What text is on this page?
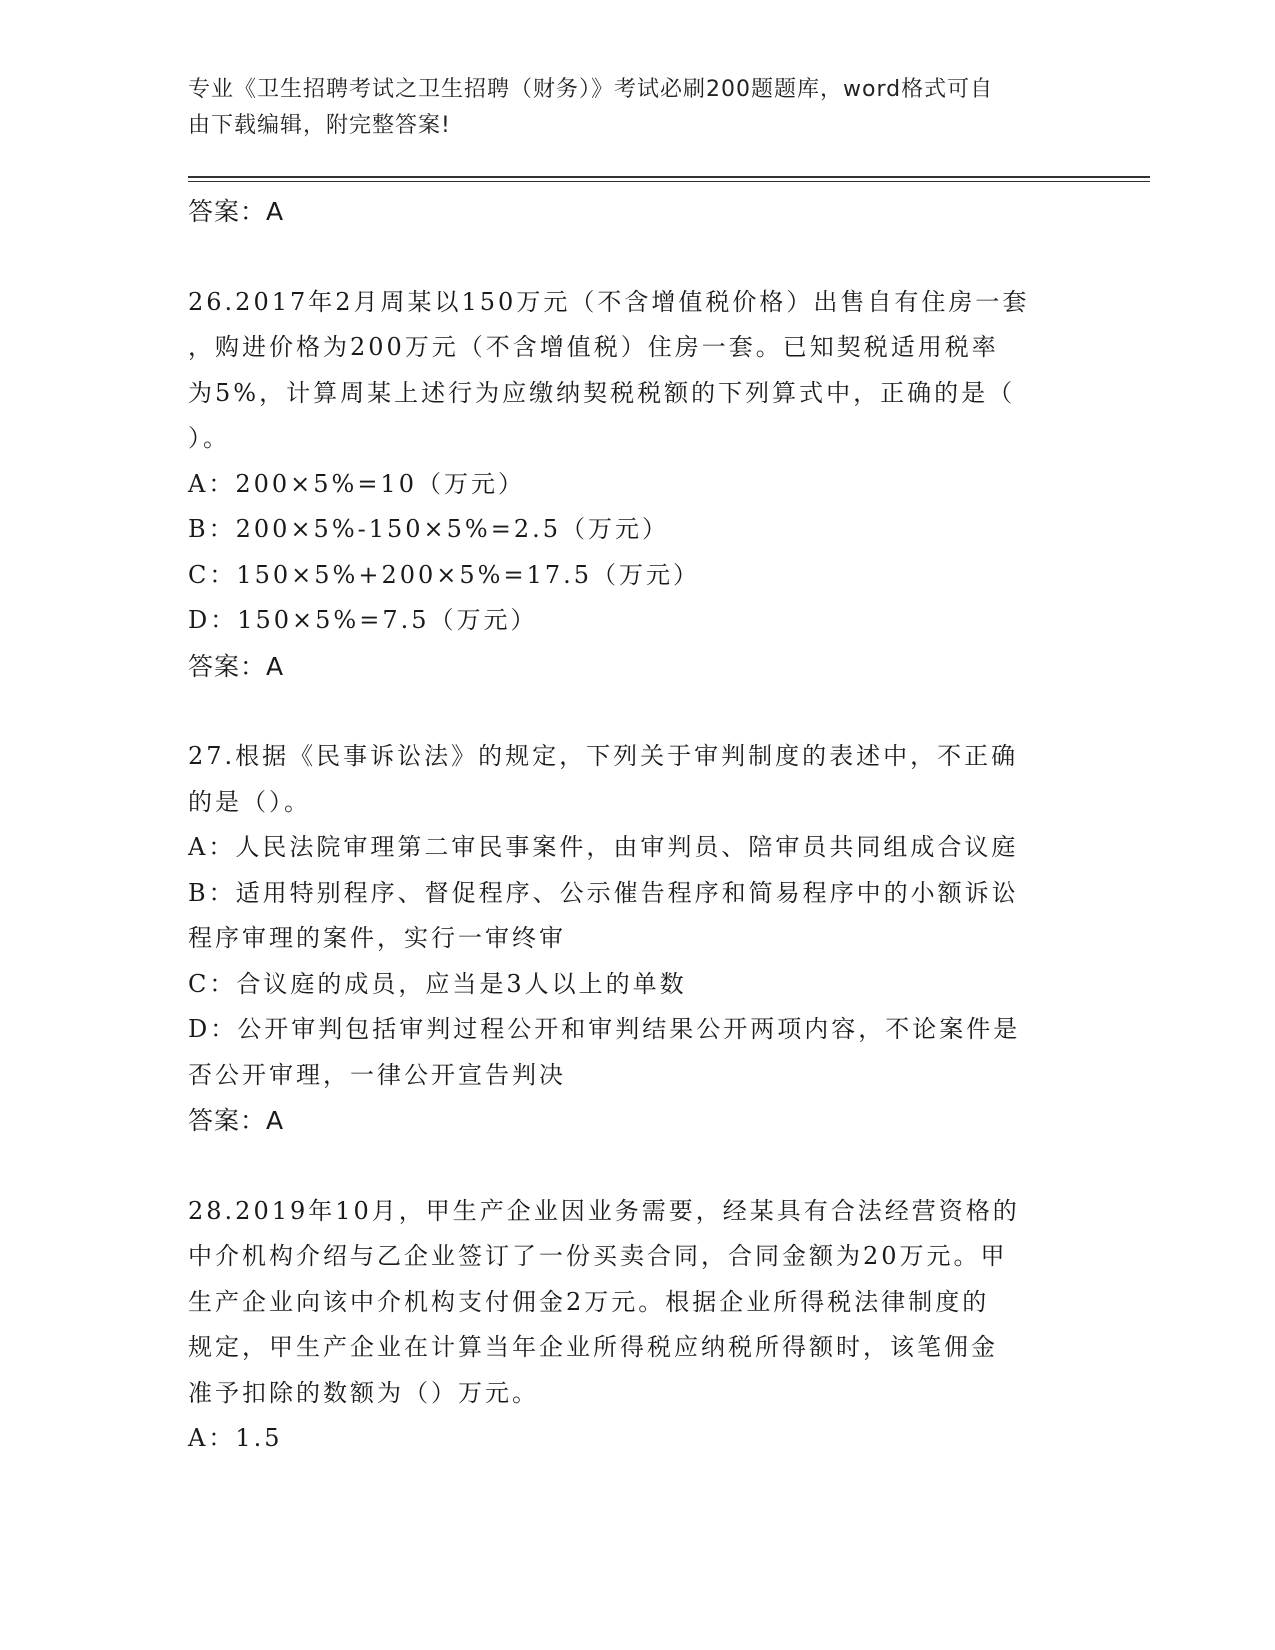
专业《卫生招聘考试之卫生招聘（财务）》考试必刷200题题库，word格式可自
由下载编辑，附完整答案!
答案：A
26.2017年2月周某以150万元（不含增值税价格）出售自有住房一套
，购进价格为200万元（不含增值税）住房一套。已知契税适用税率
为5%，计算周某上述行为应缴纳契税税额的下列算式中，正确的是（
）。
A：200×5%=10（万元）
B：200×5%-150×5%=2.5（万元）
C：150×5%+200×5%=17.5（万元）
D：150×5%=7.5（万元）
答案：A
27.根据《民事诉讼法》的规定，下列关于审判制度的表述中，不正确
的是（）。
A：人民法院审理第二审民事案件，由审判员、陪审员共同组成合议庭
B：适用特别程序、督促程序、公示催告程序和简易程序中的小额诉讼
程序审理的案件，实行一审终审
C：合议庭的成员，应当是3人以上的单数
D：公开审判包括审判过程公开和审判结果公开两项内容，不论案件是
否公开审理，一律公开宣告判决
答案：A
28.2019年10月，甲生产企业因业务需要，经某具有合法经营资格的
中介机构介绍与乙企业签订了一份买卖合同，合同金额为20万元。甲
生产企业向该中介机构支付佣金2万元。根据企业所得税法律制度的
规定，甲生产企业在计算当年企业所得税应纳税所得额时，该笔佣金
准予扣除的数额为（）万元。
A：1.5
